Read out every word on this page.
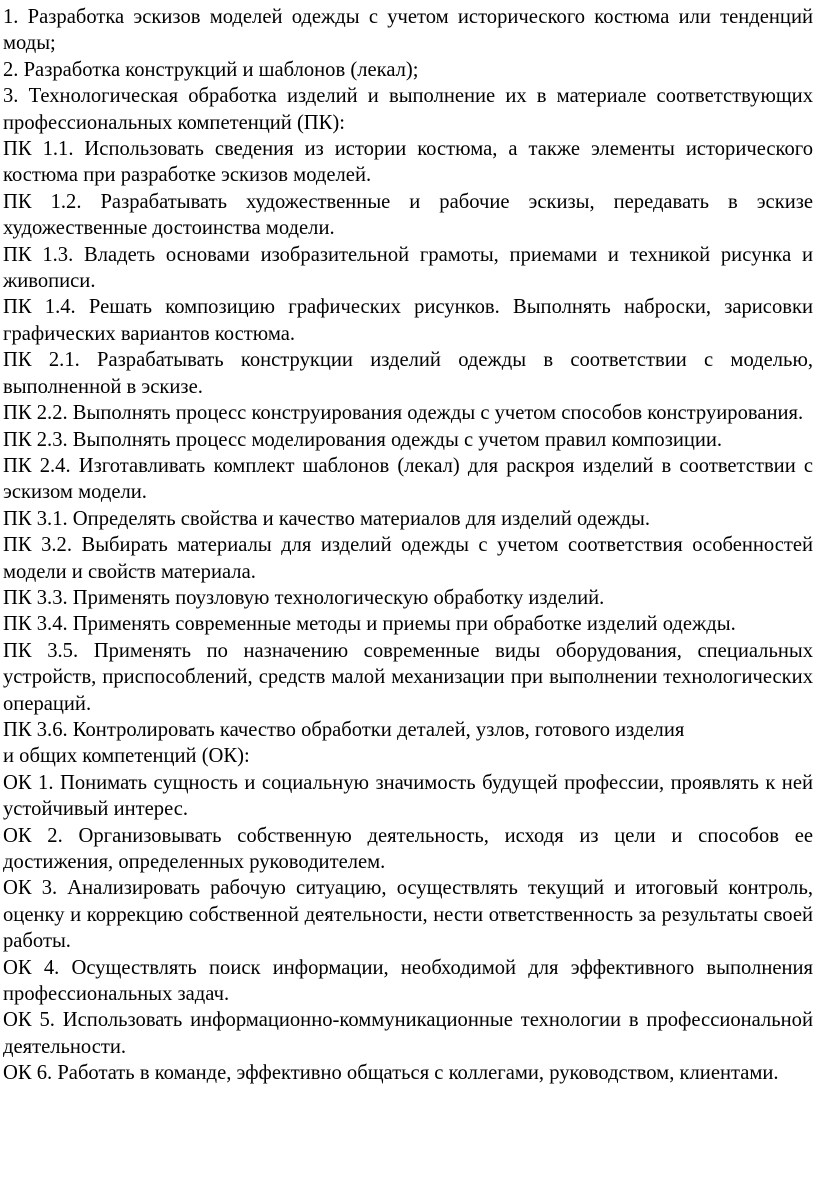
1. Разработка эскизов моделей одежды с учетом исторического костюма или тенденций моды;

2. Разработка конструкций и шаблонов (лекал);

3. Технологическая обработка изделий и выполнение их в материале соответствующих профессиональных компетенций (ПК):

ПК 1.1. Использовать сведения из истории костюма, а также элементы исторического костюма при разработке эскизов моделей.

ПК 1.2. Разрабатывать художественные и рабочие эскизы, передавать в эскизе художественные достоинства модели.

ПК 1.3. Владеть основами изобразительной грамоты, приемами и техникой рисунка и живописи.

ПК 1.4. Решать композицию графических рисунков. Выполнять наброски, зарисовки графических вариантов костюма.

ПК 2.1. Разрабатывать конструкции изделий одежды в соответствии с моделью, выполненной в эскизе.

ПК 2.2. Выполнять процесс конструирования одежды с учетом способов конструирования.

ПК 2.3. Выполнять процесс моделирования одежды с учетом правил композиции.

ПК 2.4. Изготавливать комплект шаблонов (лекал) для раскроя изделий в соответствии с эскизом модели.

ПК 3.1. Определять свойства и качество материалов для изделий одежды.

ПК 3.2. Выбирать материалы для изделий одежды с учетом соответствия особенностей модели и свойств материала.

ПК 3.3. Применять поузловую технологическую обработку изделий.

ПК 3.4. Применять современные методы и приемы при обработке изделий одежды.

ПК 3.5. Применять по назначению современные виды оборудования, специальных устройств, приспособлений, средств малой механизации при выполнении технологических операций.

ПК 3.6. Контролировать качество обработки деталей, узлов, готового изделия

и общих компетенций (ОК):

ОК 1. Понимать сущность и социальную значимость будущей профессии, проявлять к ней устойчивый интерес.

ОК 2. Организовывать собственную деятельность, исходя из цели и способов ее достижения, определенных руководителем.

ОК 3. Анализировать рабочую ситуацию, осуществлять текущий и итоговый контроль, оценку и коррекцию собственной деятельности, нести ответственность за результаты своей работы.

ОК 4. Осуществлять поиск информации, необходимой для эффективного выполнения профессиональных задач.

ОК 5. Использовать информационно-коммуникационные технологии в профессиональной деятельности.

ОК 6. Работать в команде, эффективно общаться с коллегами, руководством, клиентами.
